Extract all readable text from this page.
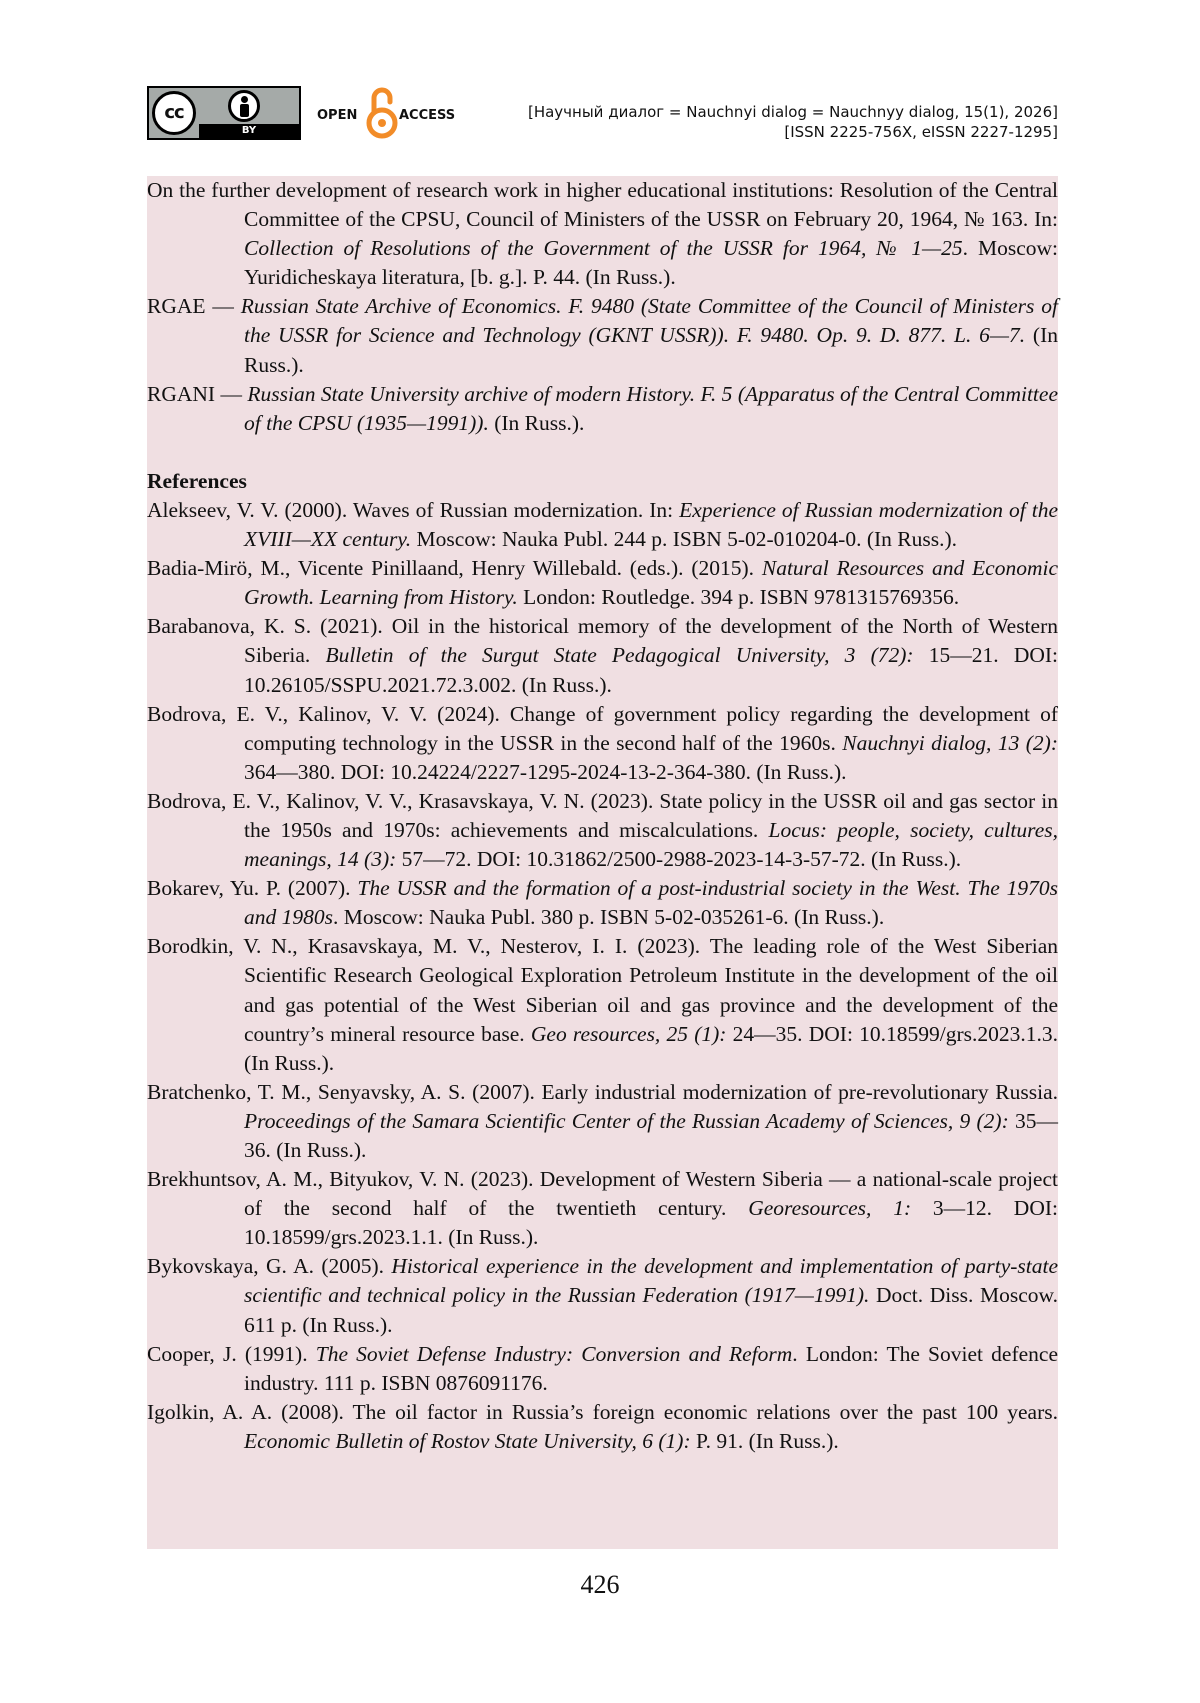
cc
BY
OPEN	ACCESS	[Научный диалог = Nauchnyi dialog = Nauchnyy dialog, 15(1), 2026]
[ISSN 2225-756X, eISSN 2227-1295]

On the further development of research work in higher educational institutions: Resolution of the Central Committee of the CPSU, Council of Ministers of the USSR on February 20, 1964, № 163. In: Collection of Resolutions of the Government of the USSR for 1964, № 1—25. Moscow: Yuridicheskaya literatura, [b. g.]. P. 44. (In Russ.).

RGAE — Russian State Archive of Economics. F. 9480 (State Committee of the Council of Ministers of the USSR for Science and Technology (GKNT USSR)). F. 9480. Op. 9. D. 877. L. 6—7. (In Russ.).

RGANI — Russian State University archive of modern History. F. 5 (Apparatus of the Central Committee of the CPSU (1935—1991)). (In Russ.).

References

Alekseev, V. V. (2000). Waves of Russian modernization. In: Experience of Russian modernization of the XVIII—XX century. Moscow: Nauka Publ. 244 p. ISBN 5-02-010204-0. (In Russ.).

Badia-Mirö, M., Vicente Pinillaand, Henry Willebald. (eds.). (2015). Natural Resources and Economic Growth. Learning from History. London: Routledge. 394 p. ISBN 9781315769356.

Barabanova, K. S. (2021). Oil in the historical memory of the development of the North of Western Siberia. Bulletin of the Surgut State Pedagogical University, 3 (72): 15—21. DOI: 10.26105/SSPU.2021.72.3.002. (In Russ.).

Bodrova, E. V., Kalinov, V. V. (2024). Change of government policy regarding the development of computing technology in the USSR in the second half of the 1960s. Nauchnyi dialog, 13 (2): 364—380. DOI: 10.24224/2227-1295-2024-13-2-364-380. (In Russ.).

Bodrova, E. V., Kalinov, V. V., Krasavskaya, V. N. (2023). State policy in the USSR oil and gas sector in the 1950s and 1970s: achievements and miscalculations. Locus: people, society, cultures, meanings, 14 (3): 57—72. DOI: 10.31862/2500-2988-2023-14-3-57-72. (In Russ.).

Bokarev, Yu. P. (2007). The USSR and the formation of a post-industrial society in the West. The 1970s and 1980s. Moscow: Nauka Publ. 380 p. ISBN 5-02-035261-6. (In Russ.).

Borodkin, V. N., Krasavskaya, M. V., Nesterov, I. I. (2023). The leading role of the West Siberian Scientific Research Geological Exploration Petroleum Institute in the development of the oil and gas potential of the West Siberian oil and gas province and the development of the country’s mineral resource base. Geo resources, 25 (1): 24—35. DOI: 10.18599/grs.2023.1.3. (In Russ.).

Bratchenko, T. M., Senyavsky, A. S. (2007). Early industrial modernization of pre-revolutionary Russia. Proceedings of the Samara Scientific Center of the Russian Academy of Sciences, 9 (2): 35—36. (In Russ.).

Brekhuntsov, A. M., Bityukov, V. N. (2023). Development of Western Siberia — a national-scale project of the second half of the twentieth century. Georesources, 1: 3—12. DOI: 10.18599/grs.2023.1.1. (In Russ.).

Bykovskaya, G. A. (2005). Historical experience in the development and implementation of party-state scientific and technical policy in the Russian Federation (1917—1991). Doct. Diss. Moscow. 611 p. (In Russ.).

Cooper, J. (1991). The Soviet Defense Industry: Conversion and Reform. London: The Soviet defence industry. 111 p. ISBN 0876091176.

Igolkin, A. A. (2008). The oil factor in Russia’s foreign economic relations over the past 100 years. Economic Bulletin of Rostov State University, 6 (1): P. 91. (In Russ.).

426
